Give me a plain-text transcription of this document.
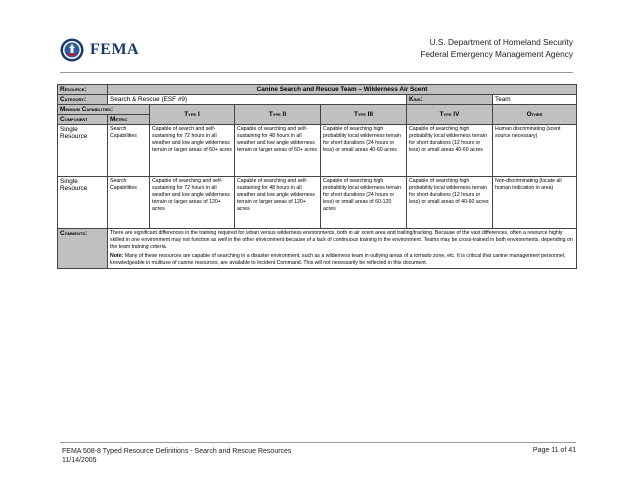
FEMA	U.S. Department of Homeland Security
Federal Emergency Management Agency
Resource:	Canine Search and Rescue Team – Wilderness Air Scent					
Category:	Search & Rescue (ESF #9)				Kind:	Team
Minimum Capabilities:		Type I	Type II	Type III	Type IV	Other
Component	Metric					
Single Resource	Search Capabilities	Capable of search and self-sustaining for 72 hours in all weather and low angle wilderness terrain or larger areas of 60+ acres	Capable of searching and self-sustaining for 48 hours in all weather and low angle wilderness terrain or larger areas of 60+ acres	Capable of searching high probability local wilderness terrain for short durations (24 hours or less) or small areas 40-60 acres	Capable of searching high probability local wilderness terrain for short durations (12 hours or less) or small areas 40-60 acres	Human discriminating (scent source necessary)
Single Resource	Search Capabilities	Capable of searching and self-sustaining for 72 hours in all weather and low angle wilderness terrain or larger areas of 120+ acres	Capable of searching and self-sustaining for 48 hours in all weather and low angle wilderness terrain or larger areas of 120+ acres	Capable of searching high probability local wilderness terrain for short durations (24 hours or less) or small areas of 60-120 acres	Capable of searching high probability local wilderness terrain for short durations (12 hours or less) or small areas of 40-60 acres	Non-discriminating (locate all human indication in area)
Comments:	There are significant differences in the training required for urban versus wilderness environments, both in air scent area and trailing/tracking. Because of the vast differences, often a resource highly skilled in one environment may not function as well in the other environment because of a lack of continuous training in the environment. Teams may be cross-trained in both environments, depending on the team training criteria.

Note: Many of these resources are capable of searching in a disaster environment, such as a wilderness team in outlying areas of a tornado zone, etc. It is critical that canine management personnel, knowledgeable in multiuse of canine resources, are available to Incident Command. This will not necessarily be reflected in this document.					

FEMA 508-8 Typed Resource Definitions - Search and Rescue Resources
11/14/2005
Page 11 of 41
